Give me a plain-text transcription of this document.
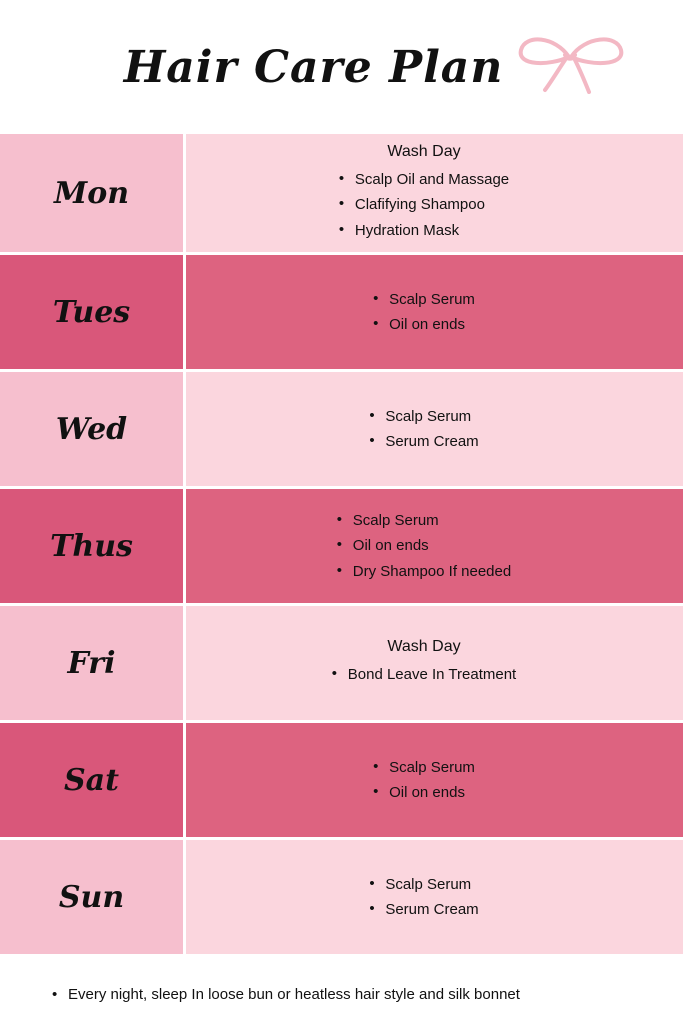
Hair Care Plan
Mon
Wash Day
• Scalp Oil and Massage
• Clafifying Shampoo
• Hydration Mask
Tues	• Scalp Serum
• Oil on ends
Wed	• Scalp Serum
• Serum Cream
Thus
• Scalp Serum
• Oil on ends
• Dry Shampoo If needed
Fri	Wash Day
• Bond Leave In Treatment
Sat	• Scalp Serum
• Oil on ends
Sun	• Scalp Serum
• Serum Cream
• Every night, sleep In loose bun or heatless hair style and silk bonnet
